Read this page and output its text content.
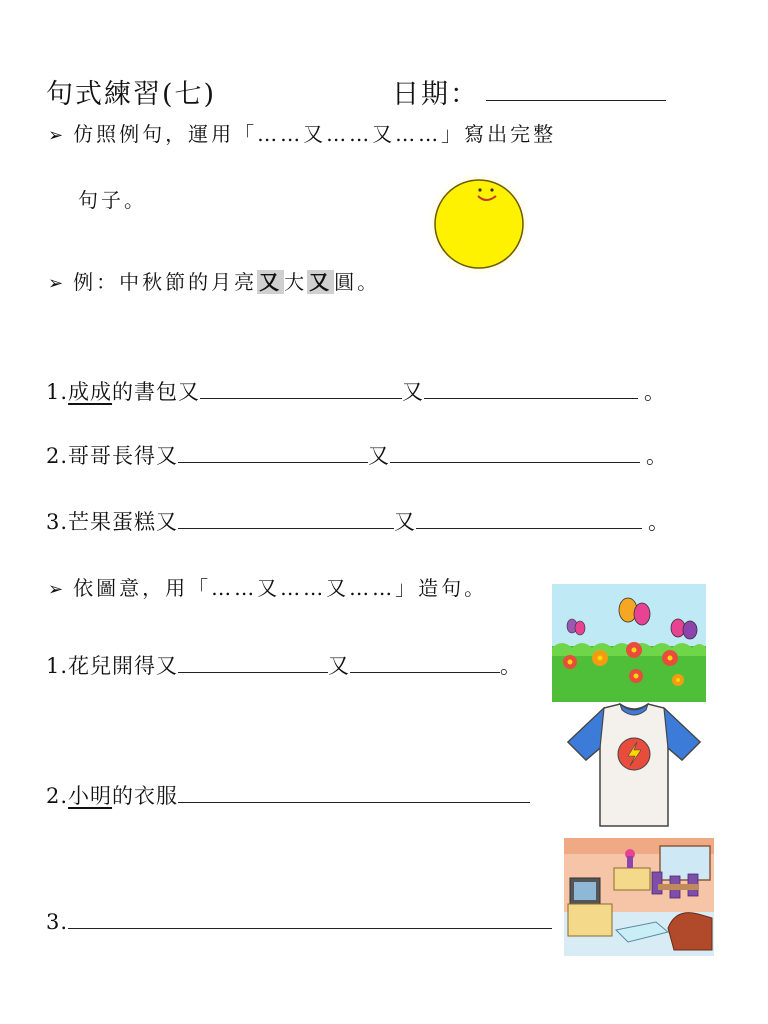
句式練習(七)	日期：
➢ 仿照例句，運用「……又……又……」寫出完整
句子。
➢ 例：中秋節的月亮 又 大 又 圓。
1.成成的書包又	又	。
2.哥哥長得又	又	。
3.芒果蛋糕又	又	。
➢ 依圖意，用「……又……又……」造句。
1.花兒開得又	又	。
2.小明的衣服
3.
